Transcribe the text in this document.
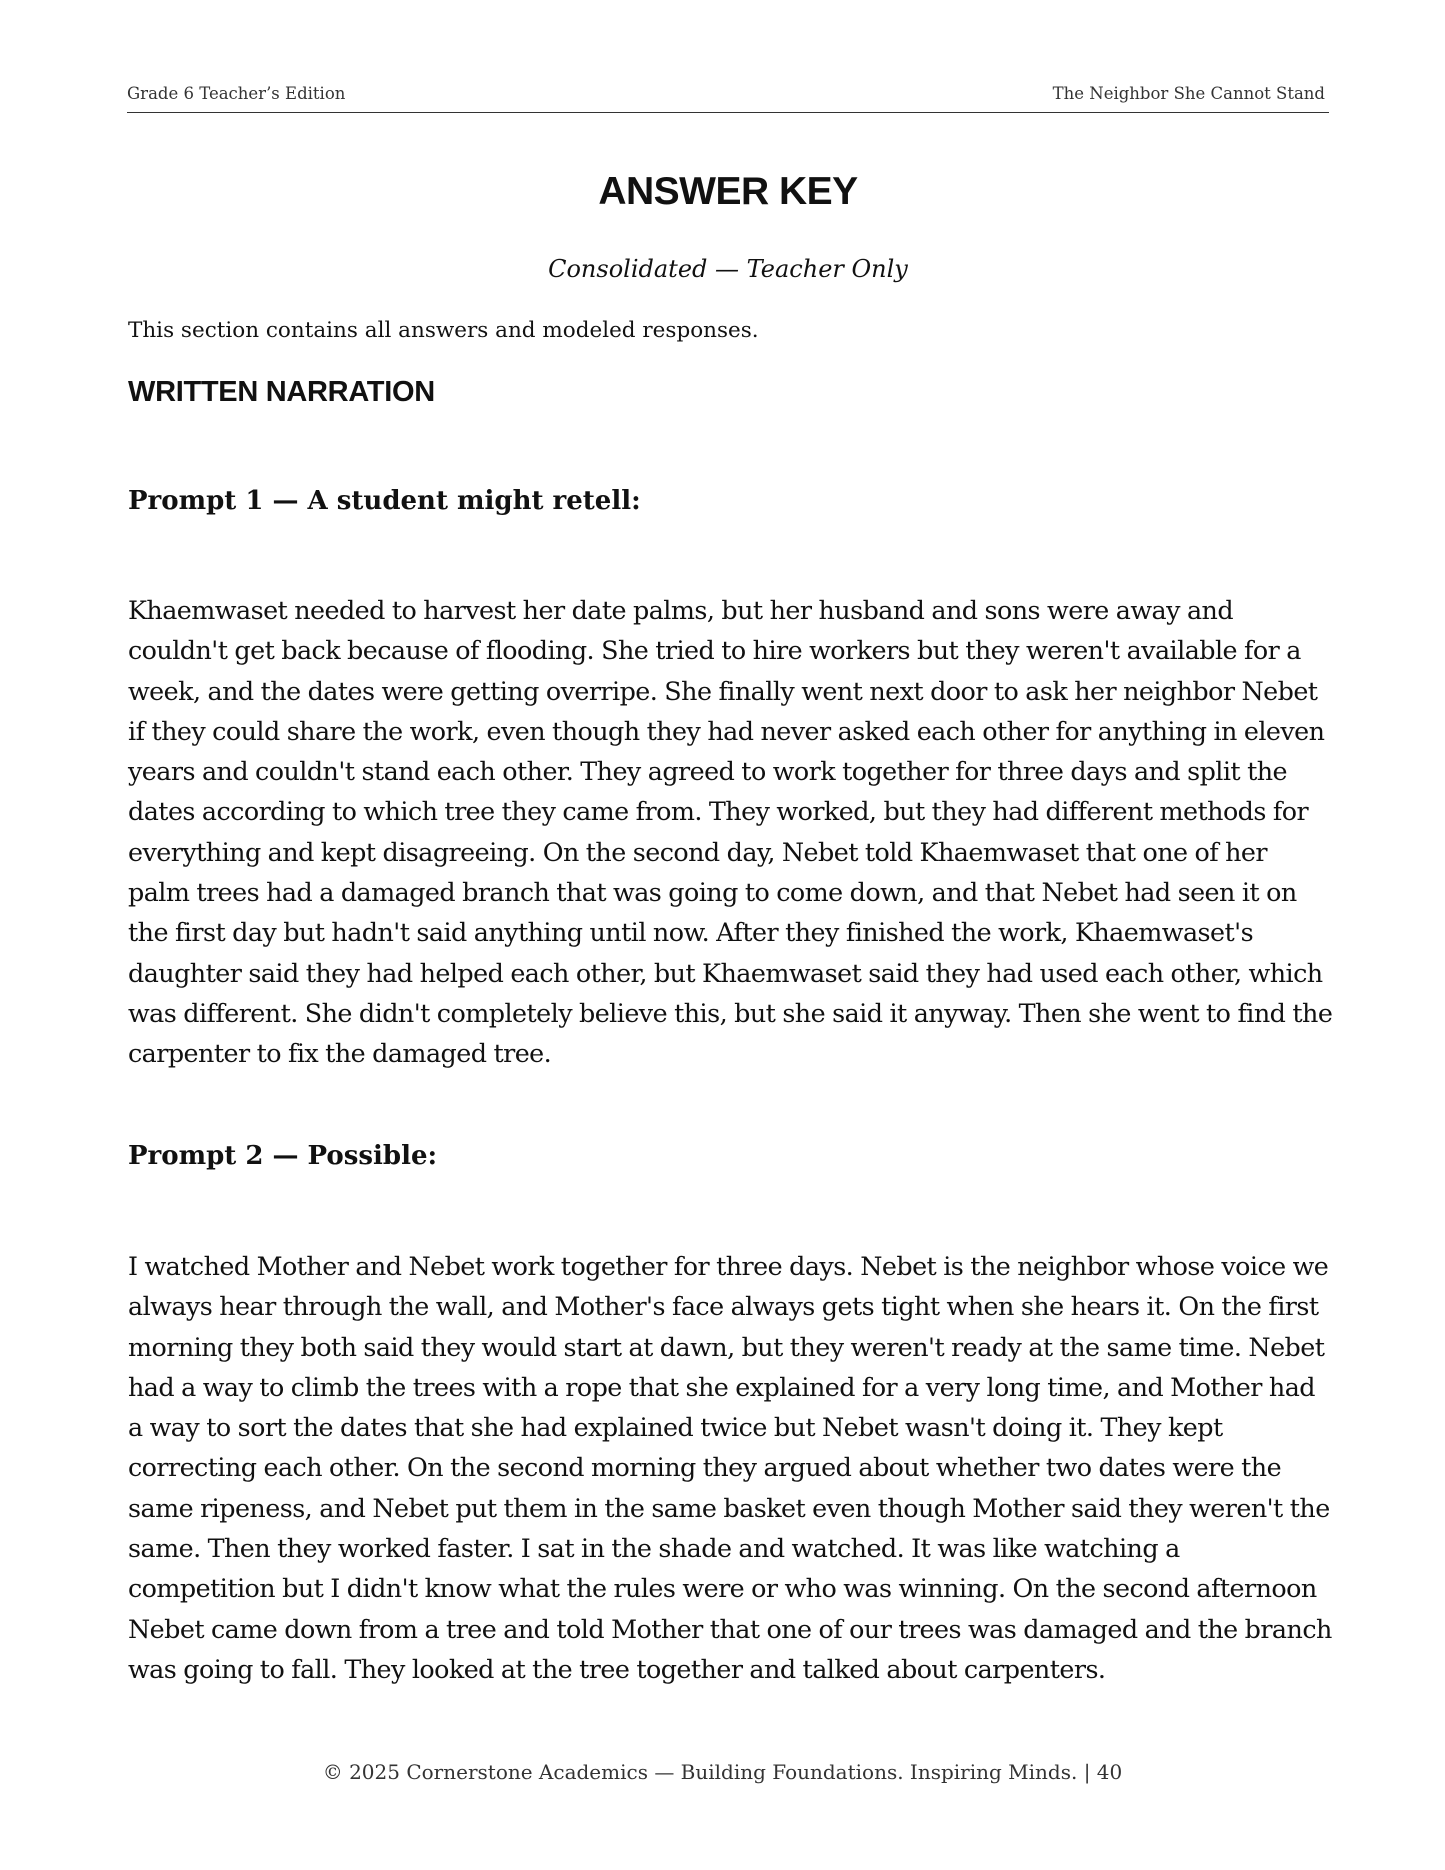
Grade 6 Teacher’s Edition	The Neighbor She Cannot Stand
ANSWER KEY
Consolidated — Teacher Only
This section contains all answers and modeled responses.
WRITTEN NARRATION
Prompt 1 — A student might retell:

Khaemwaset needed to harvest her date palms, but her husband and sons were away and couldn't get back because of flooding. She tried to hire workers but they weren't available for a week, and the dates were getting overripe. She finally went next door to ask her neighbor Nebet if they could share the work, even though they had never asked each other for anything in eleven years and couldn't stand each other. They agreed to work together for three days and split the dates according to which tree they came from. They worked, but they had different methods for everything and kept disagreeing. On the second day, Nebet told Khaemwaset that one of her palm trees had a damaged branch that was going to come down, and that Nebet had seen it on the first day but hadn't said anything until now. After they finished the work, Khaemwaset's daughter said they had helped each other, but Khaemwaset said they had used each other, which was different. She didn't completely believe this, but she said it anyway. Then she went to find the carpenter to fix the damaged tree.

Prompt 2 — Possible:

I watched Mother and Nebet work together for three days. Nebet is the neighbor whose voice we always hear through the wall, and Mother's face always gets tight when she hears it. On the first morning they both said they would start at dawn, but they weren't ready at the same time. Nebet had a way to climb the trees with a rope that she explained for a very long time, and Mother had a way to sort the dates that she had explained twice but Nebet wasn't doing it. They kept correcting each other. On the second morning they argued about whether two dates were the same ripeness, and Nebet put them in the same basket even though Mother said they weren't the same. Then they worked faster. I sat in the shade and watched. It was like watching a competition but I didn't know what the rules were or who was winning. On the second afternoon Nebet came down from a tree and told Mother that one of our trees was damaged and the branch was going to fall. They looked at the tree together and talked about carpenters.

© 2025 Cornerstone Academics — Building Foundations. Inspiring Minds. | 40
